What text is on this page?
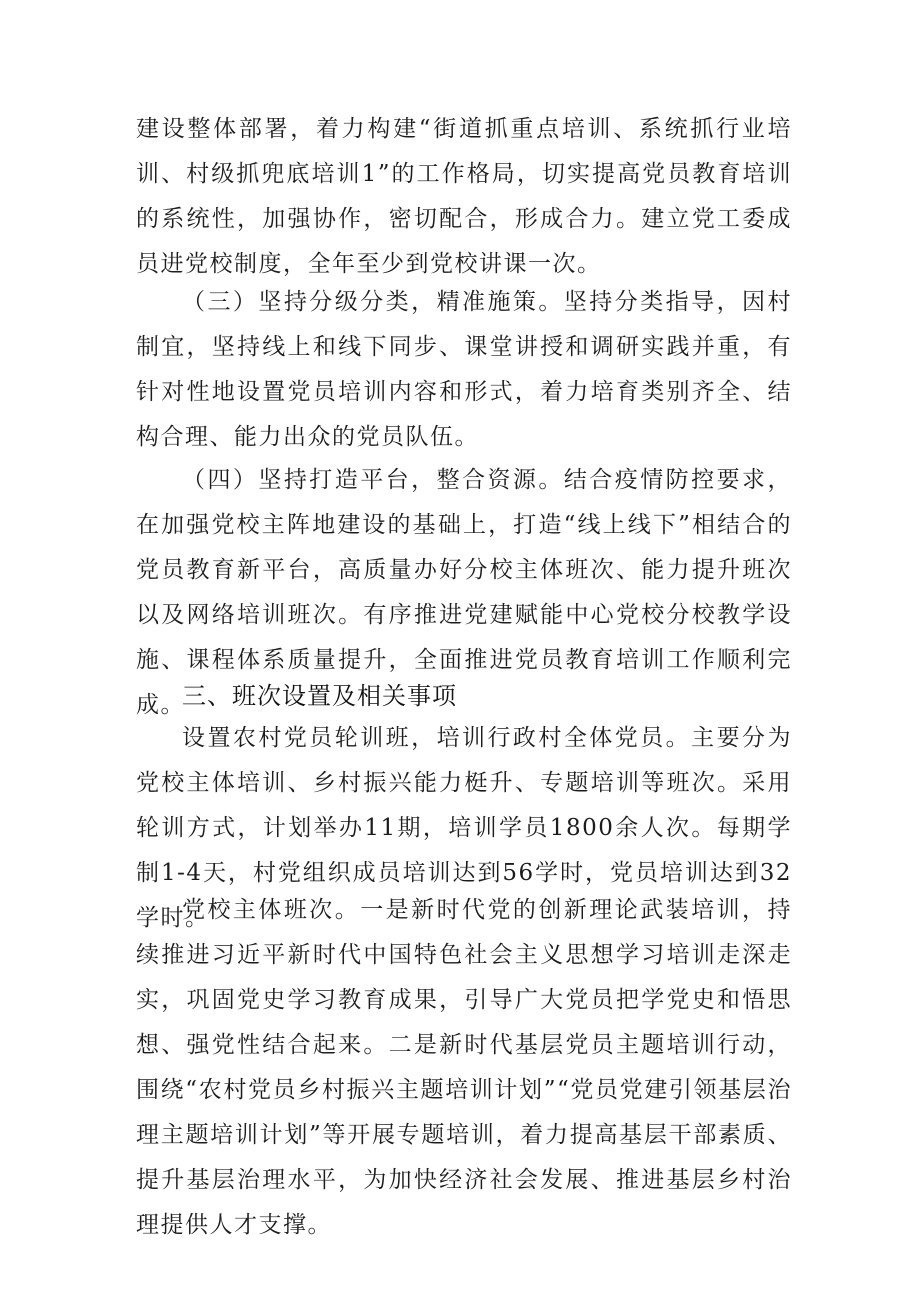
建设整体部署，着力构建“街道抓重点培训、系统抓行业培训、村级抓兜底培训1”的工作格局，切实提高党员教育培训的系统性，加强协作，密切配合，形成合力。建立党工委成员进党校制度，全年至少到党校讲课一次。

（三）坚持分级分类，精准施策。坚持分类指导，因村制宜，坚持线上和线下同步、课堂讲授和调研实践并重，有针对性地设置党员培训内容和形式，着力培育类别齐全、结构合理、能力出众的党员队伍。

（四）坚持打造平台，整合资源。结合疫情防控要求，在加强党校主阵地建设的基础上，打造“线上线下”相结合的党员教育新平台，高质量办好分校主体班次、能力提升班次以及网络培训班次。有序推进党建赋能中心党校分校教学设施、课程体系质量提升，全面推进党员教育培训工作顺利完成。

三、班次设置及相关事项

设置农村党员轮训班，培训行政村全体党员。主要分为党校主体培训、乡村振兴能力梃升、专题培训等班次。采用轮训方式，计划举办11期，培训学员1800余人次。每期学制1-4天，村党组织成员培训达到56学时，党员培训达到32学时。

党校主体班次。一是新时代党的创新理论武装培训，持续推进习近平新时代中国特色社会主义思想学习培训走深走实，巩固党史学习教育成果，引导广大党员把学党史和悟思想、强党性结合起来。二是新时代基层党员主题培训行动，围绕“农村党员乡村振兴主题培训计划”“党员党建引领基层治理主题培训计划”等开展专题培训，着力提高基层干部素质、提升基层治理水平，为加快经济社会发展、推进基层乡村治理提供人才支撑。
